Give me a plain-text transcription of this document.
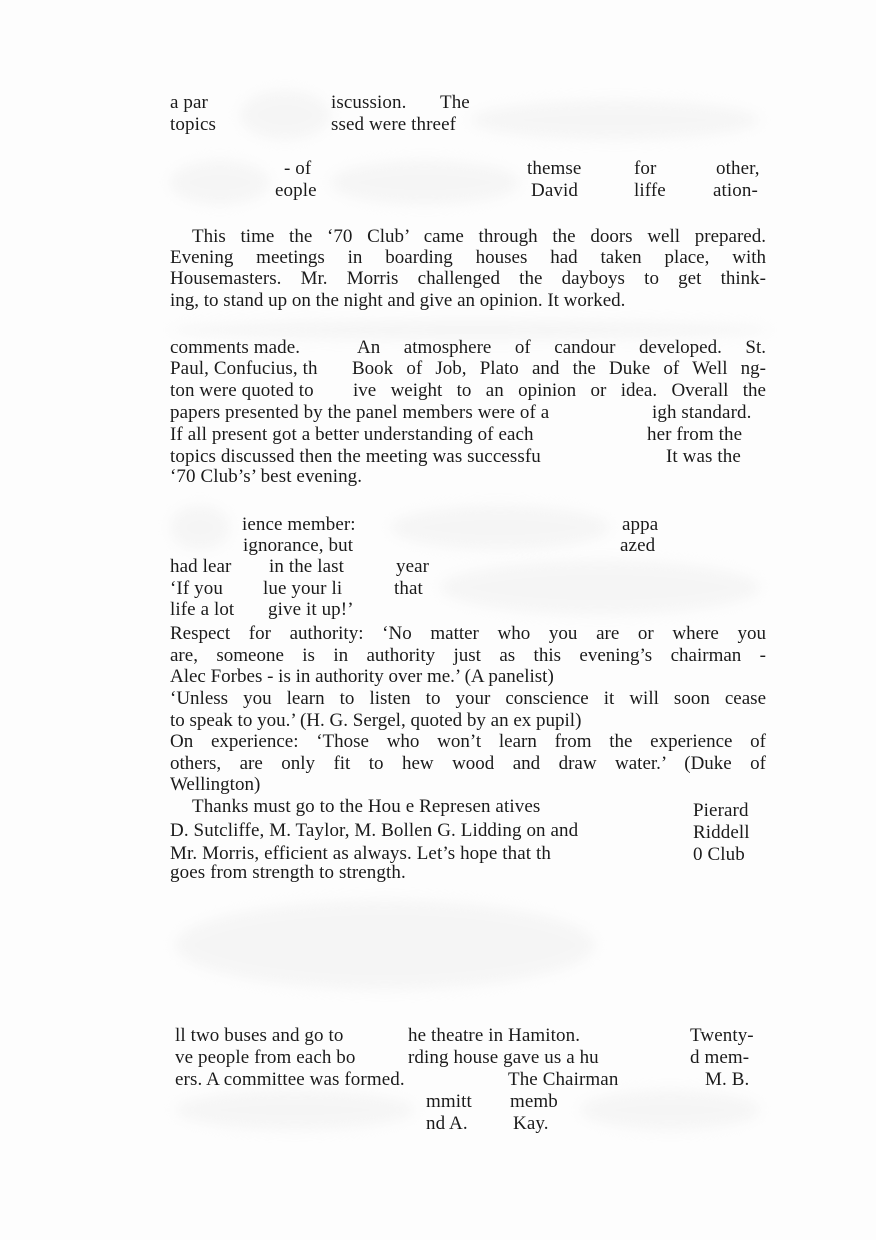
a par	iscussion. The
topics	ssed were threef
- of	themse	for	other,
eople	David	liffe ation-
This time the ‘70 Club’ came through the doors well prepared.
Evening meetings in boarding houses had taken place, with
Housemasters. Mr. Morris challenged the dayboys to get think-
ing, to stand up on the night and give an opinion. It worked.
comments made.	An atmosphere of candour developed. St.
Paul, Confucius, th Book of Job, Plato and the Duke of Well ng-
ton were quoted to ive weight to an opinion or idea. Overall the
papers presented by the panel members were of a	igh standard.
If all present got a better understanding of each	her from the
topics discussed then the meeting was successfu	It was the
‘70 Club’s’ best evening.
ience member:	appa
ignorance, but	azed
had lear in the last	year
‘If you lue your li	that
life a lot give it up!’
Respect for authority: ‘No matter who you are or where you
are, someone is in authority just as this evening’s chairman -
Alec Forbes - is in authority over me.’ (A panelist)
‘Unless you learn to listen to your conscience it will soon cease
to speak to you.’ (H. G. Sergel, quoted by an ex pupil)
On experience: ‘Those who won’t learn from the experience of
others, are only fit to hew wood and draw water.’ (Duke of
Wellington)
Thanks must go to the Hou e Represen atives	Pierard
D. Sutcliffe, M. Taylor, M. Bollen G. Lidding on and	Riddell
Mr. Morris, efficient as always. Let’s hope that th	0 Club
goes from strength to strength.
ll two buses and go to	he theatre in Hamiton.	Twenty-
ve people from each bo	rding house gave us a hu	d mem-
ers. A committee was formed.	The Chairman	M. B.
mmitt memb
nd A. Kay.
